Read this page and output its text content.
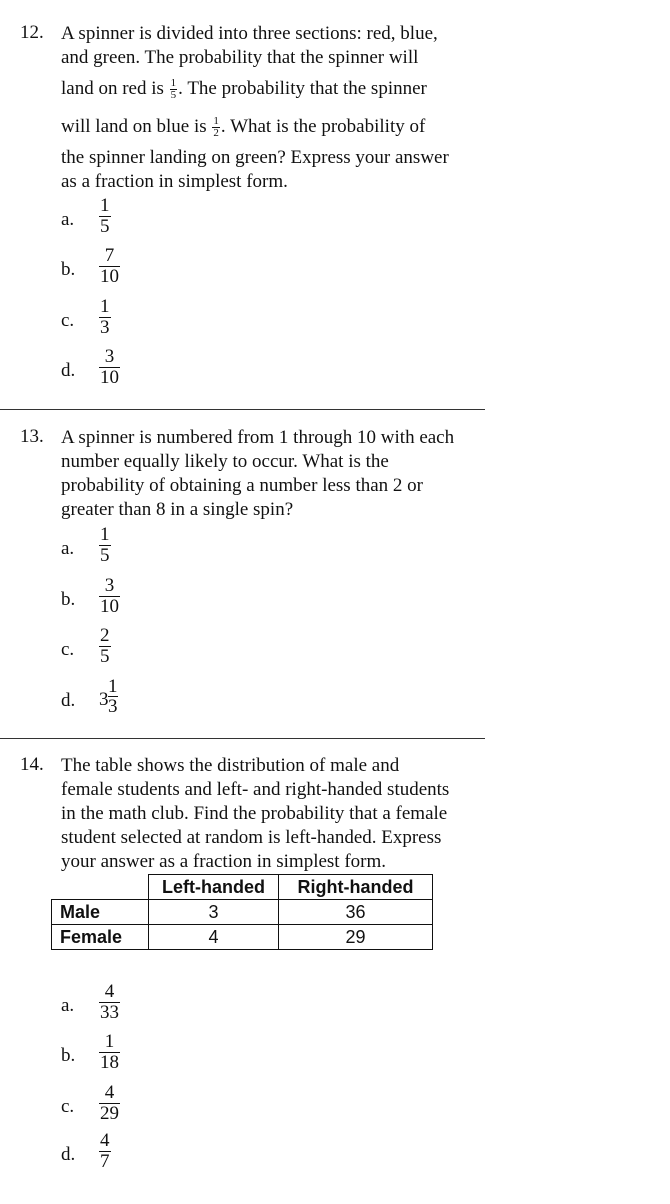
12. A spinner is divided into three sections: red, blue,
and green. The probability that the spinner will
land on red is $\frac{1}{5}$ . The probability that the spinner
will land on blue is $\frac{1}{2}$ . What is the probability of
the spinner landing on green? Express your answer
as a fraction in simplest form.
a. $\frac{1}{5}$
b. $\frac{7}{10}$
c. $\frac{1}{3}$
d. $\frac{3}{10}$
13. A spinner is numbered from 1 through 10 with each
number equally likely to occur. What is the
probability of obtaining a number less than 2 or
greater than 8 in a single spin?
a. $\frac{1}{5}$
b. $\frac{3}{10}$
c. $\frac{2}{5}$
d. $3 \frac{1}{3}$
14. The table shows the distribution of male and
female students and left- and right-handed students
in the math club. Find the probability that a female
student selected at random is left-handed. Express
your answer as a fraction in simplest form.
	Left-handed	Right-handed
Male	3	36
Female	4	29
a. $\frac{4}{33}$
b. $\frac{1}{18}$
c. $\frac{4}{29}$
d. $\frac{4}{7}$
